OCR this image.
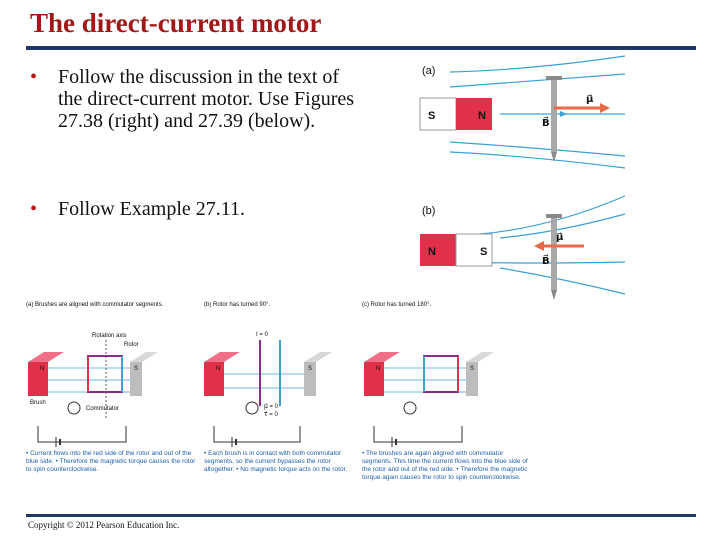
The direct-current motor
• Follow the discussion in the text of the direct-current motor. Use Figures 27.38 (right) and 27.39 (below).
• Follow Example 27.11.
(a)
S	N
μ⃗
B⃗
(b)
N	S
μ⃗
B⃗
(a) Brushes are aligned with commutator segments.
Rotation axis
Rotor
N	S
Brush
Commutator
• Current flows into the red side of the rotor and out of the blue side. • Therefore the magnetic torque causes the rotor to spin counterclockwise.
(b) Rotor has turned 90°.
I = 0
N	S
μ⃗ = 0
τ⃗ = 0
• Each brush is in contact with both commutator segments, so the current bypasses the rotor altogether. • No magnetic torque acts on the rotor.
(c) Rotor has turned 180°.
N	S
• The brushes are again aligned with commutator segments. This time the current flows into the blue side of the rotor and out of the red side. • Therefore the magnetic torque again causes the rotor to spin counterclockwise.
Copyright © 2012 Pearson Education Inc.
